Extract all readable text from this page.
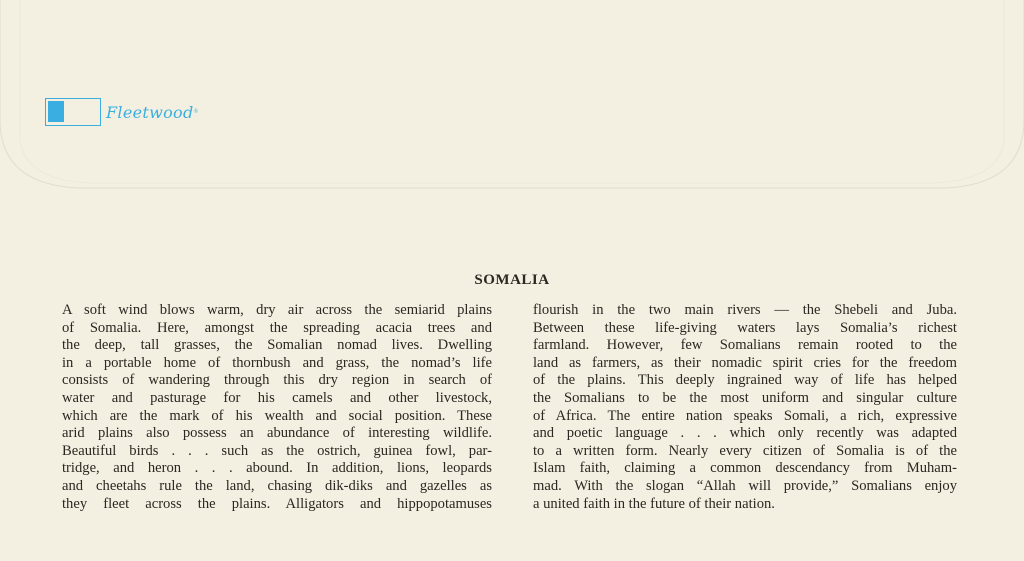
Fleetwood ®
SOMALIA
A soft wind blows warm, dry air across the semiarid plains
of Somalia. Here, amongst the spreading acacia trees and
the deep, tall grasses, the Somalian nomad lives. Dwelling
in a portable home of thornbush and grass, the nomad’s life
consists of wandering through this dry region in search of
water and pasturage for his camels and other livestock,
which are the mark of his wealth and social position. These
arid plains also possess an abundance of interesting wildlife.
Beautiful birds . . . such as the ostrich, guinea fowl, par-
tridge, and heron . . . abound. In addition, lions, leopards
and cheetahs rule the land, chasing dik-diks and gazelles as
they fleet across the plains. Alligators and hippopotamuses
flourish in the two main rivers — the Shebeli and Juba.
Between these life-giving waters lays Somalia’s richest
farmland. However, few Somalians remain rooted to the
land as farmers, as their nomadic spirit cries for the freedom
of the plains. This deeply ingrained way of life has helped
the Somalians to be the most uniform and singular culture
of Africa. The entire nation speaks Somali, a rich, expressive
and poetic language . . . which only recently was adapted
to a written form. Nearly every citizen of Somalia is of the
Islam faith, claiming a common descendancy from Muham-
mad. With the slogan “Allah will provide,” Somalians enjoy
a united faith in the future of their nation.
